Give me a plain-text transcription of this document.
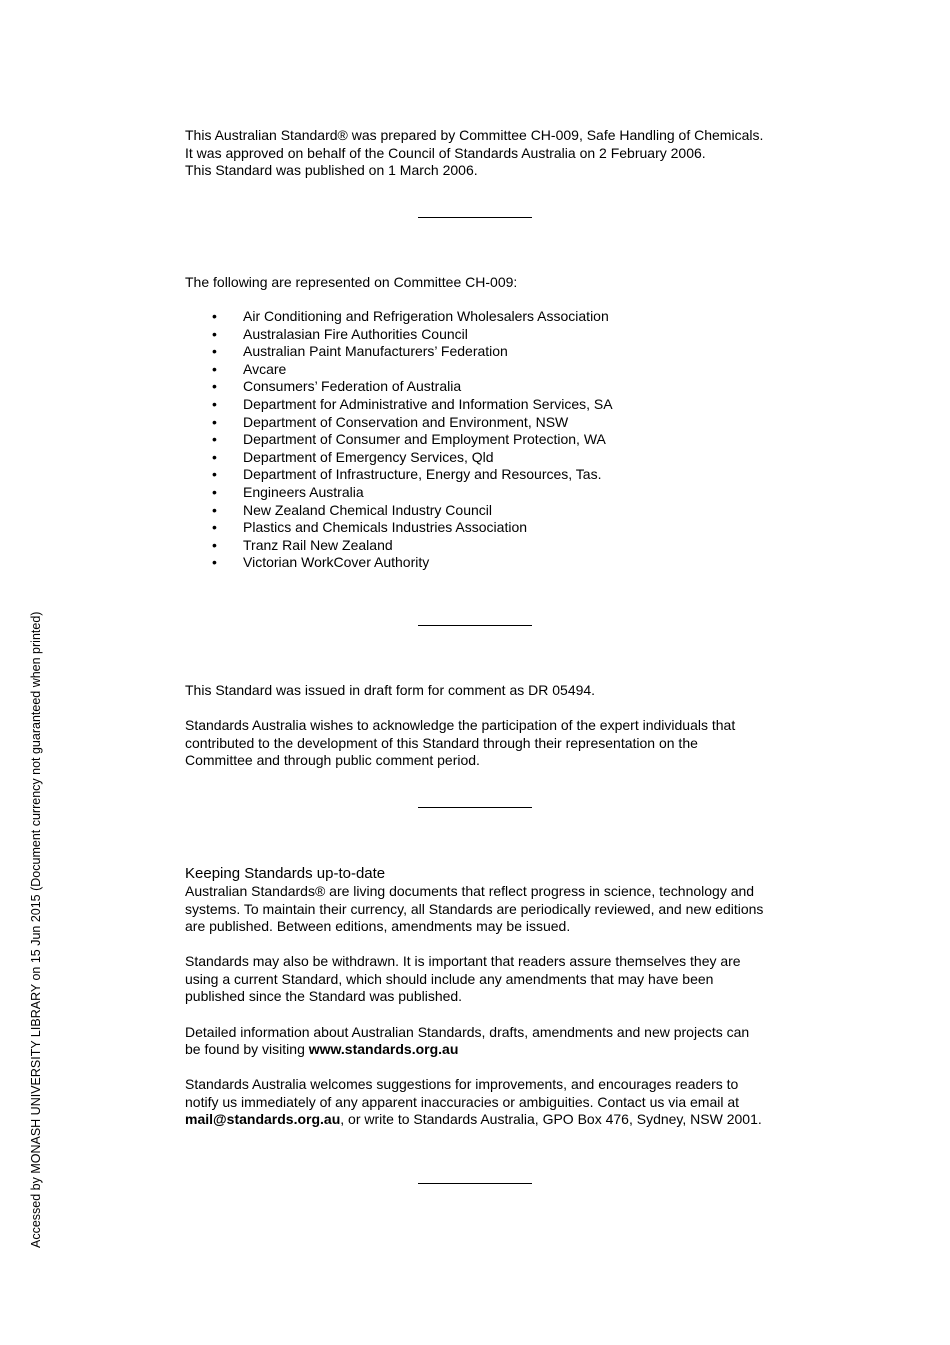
This Australian Standard® was prepared by Committee CH-009, Safe Handling of Chemicals.
It was approved on behalf of the Council of Standards Australia on 2 February 2006.
This Standard was published on 1 March 2006.
The following are represented on Committee CH-009:
• Air Conditioning and Refrigeration Wholesalers Association
• Australasian Fire Authorities Council
• Australian Paint Manufacturers’ Federation
• Avcare
• Consumers’ Federation of Australia
• Department for Administrative and Information Services, SA
• Department of Conservation and Environment, NSW
• Department of Consumer and Employment Protection, WA
• Department of Emergency Services, Qld
• Department of Infrastructure, Energy and Resources, Tas.
• Engineers Australia
• New Zealand Chemical Industry Council
• Plastics and Chemicals Industries Association
• Tranz Rail New Zealand
• Victorian WorkCover Authority
This Standard was issued in draft form for comment as DR 05494.
Standards Australia wishes to acknowledge the participation of the expert individuals that
contributed to the development of this Standard through their representation on the
Committee and through public comment period.
Keeping Standards up-to-date
Australian Standards® are living documents that reflect progress in science, technology and
systems. To maintain their currency, all Standards are periodically reviewed, and new editions
are published. Between editions, amendments may be issued.
Standards may also be withdrawn. It is important that readers assure themselves they are
using a current Standard, which should include any amendments that may have been
published since the Standard was published.
Detailed information about Australian Standards, drafts, amendments and new projects can
be found by visiting www.standards.org.au
Standards Australia welcomes suggestions for improvements, and encourages readers to
notify us immediately of any apparent inaccuracies or ambiguities. Contact us via email at
mail@standards.org.au, or write to Standards Australia, GPO Box 476, Sydney, NSW 2001.
Accessed by MONASH UNIVERSITY LIBRARY on 15 Jun 2015 (Document currency not guaranteed when printed)
